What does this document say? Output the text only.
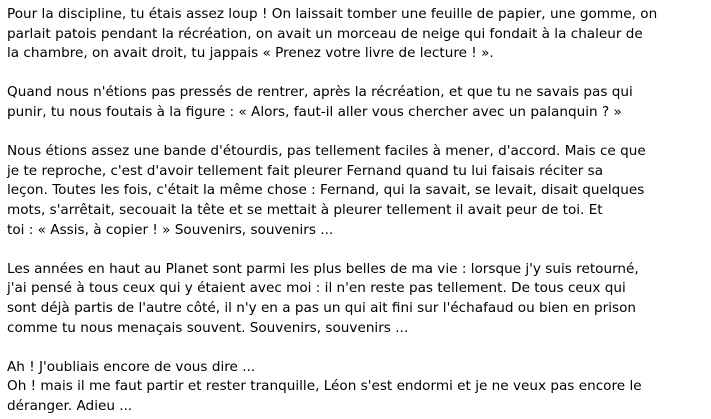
Pour la discipline, tu étais assez loup ! On laissait tomber une feuille de papier, une gomme, on
parlait patois pendant la récréation, on avait un morceau de neige qui fondait à la chaleur de
la chambre, on avait droit, tu jappais « Prenez votre livre de lecture ! ».

Quand nous n'étions pas pressés de rentrer, après la récréation, et que tu ne savais pas qui
punir, tu nous foutais à la figure : « Alors, faut-il aller vous chercher avec un palanquin ? »

Nous étions assez une bande d'étourdis, pas tellement faciles à mener, d'accord. Mais ce que
je te reproche, c'est d'avoir tellement fait pleurer Fernand quand tu lui faisais réciter sa
leçon. Toutes les fois, c'était la même chose : Fernand, qui la savait, se levait, disait quelques
mots, s'arrêtait, secouait la tête et se mettait à pleurer tellement il avait peur de toi. Et
toi : « Assis, à copier ! » Souvenirs, souvenirs ...

Les années en haut au Planet sont parmi les plus belles de ma vie : lorsque j'y suis retourné,
j'ai pensé à tous ceux qui y étaient avec moi : il n'en reste pas tellement. De tous ceux qui
sont déjà partis de l'autre côté, il n'y en a pas un qui ait fini sur l'échafaud ou bien en prison
comme tu nous menaçais souvent. Souvenirs, souvenirs ...

Ah ! J'oubliais encore de vous dire ...
Oh ! mais il me faut partir et rester tranquille, Léon s'est endormi et je ne veux pas encore le
déranger. Adieu ...
